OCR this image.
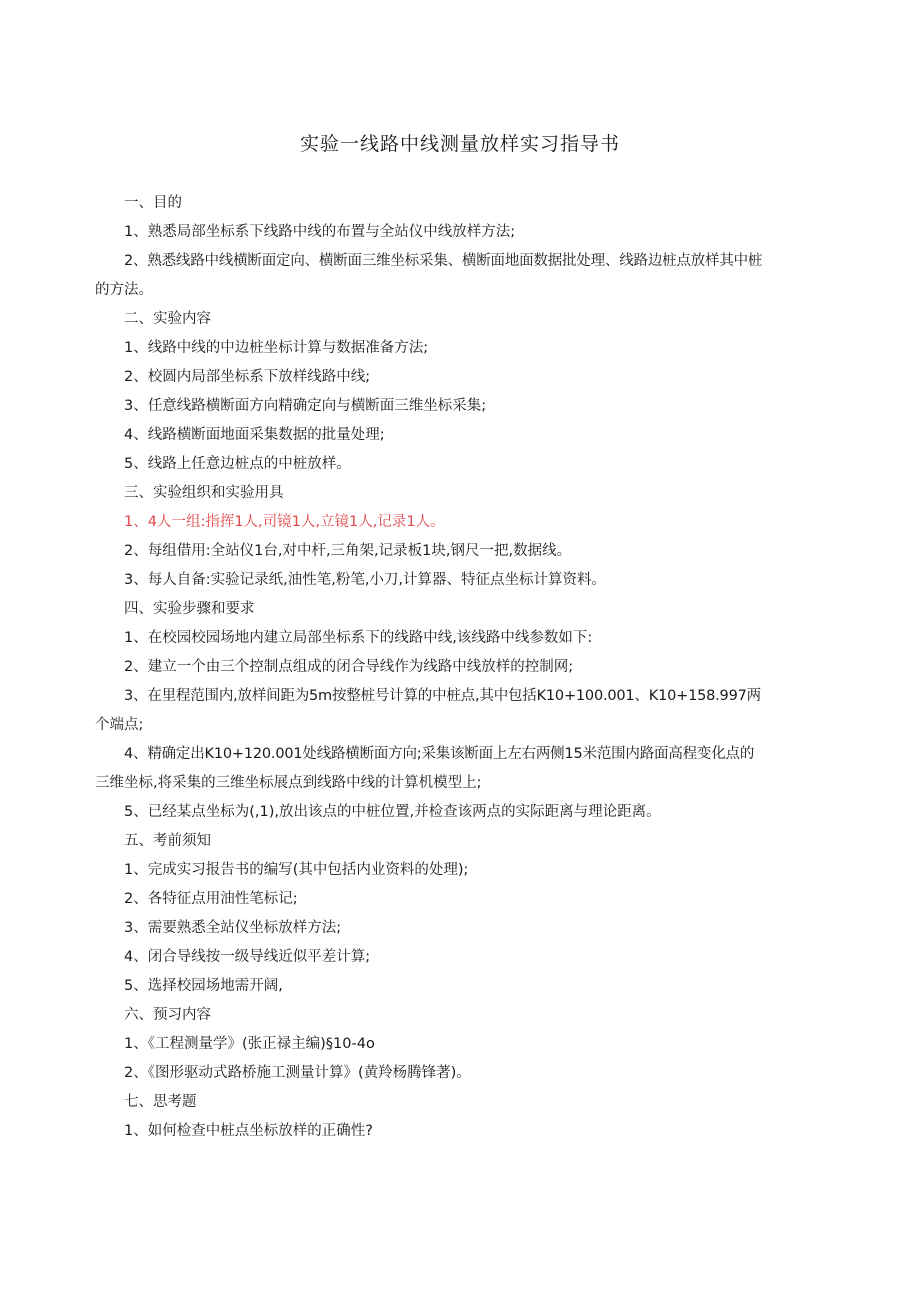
实验一线路中线测量放样实习指导书
一、目的
1、熟悉局部坐标系下线路中线的布置与全站仪中线放样方法;
2、熟悉线路中线横断面定向、横断面三维坐标采集、横断面地面数据批处理、线路边桩点放样其中桩
的方法。
二、实验内容
1、线路中线的中边桩坐标计算与数据准备方法;
2、校圆内局部坐标系下放样线路中线;
3、任意线路横断面方向精确定向与横断面三维坐标采集;
4、线路横断面地面采集数据的批量处理;
5、线路上任意边桩点的中桩放样。
三、实验组织和实验用具
1、4人一组:指挥1人,司镜1人,立镜1人,记录1人。
2、每组借用:全站仪1台,对中杆,三角架,记录板1块,钢尺一把,数据线。
3、每人自备:实验记录纸,油性笔,粉笔,小刀,计算器、特征点坐标计算资料。
四、实验步骤和要求
1、在校园校园场地内建立局部坐标系下的线路中线,该线路中线参数如下:
2、建立一个由三个控制点组成的闭合导线作为线路中线放样的控制网;
3、在里程范围内,放样间距为5m按整桩号计算的中桩点,其中包括K10+100.001、K10+158.997两
个端点;
4、精确定出K10+120.001处线路横断面方向;采集该断面上左右两侧15米范围内路面高程变化点的
三维坐标,将采集的三维坐标展点到线路中线的计算机模型上;
5、已经某点坐标为(,1),放出该点的中桩位置,并检查该两点的实际距离与理论距离。
五、考前须知
1、完成实习报告书的编写(其中包括内业资料的处理);
2、各特征点用油性笔标记;
3、需要熟悉全站仪坐标放样方法;
4、闭合导线按一级导线近似平差计算;
5、选择校园场地需开阔,
六、预习内容
1、《工程测量学》(张正禄主编)§10-4o
2、《图形驱动式路桥施工测量计算》(黄羚杨腾锋著)。
七、思考题
1、如何检查中桩点坐标放样的正确性?
